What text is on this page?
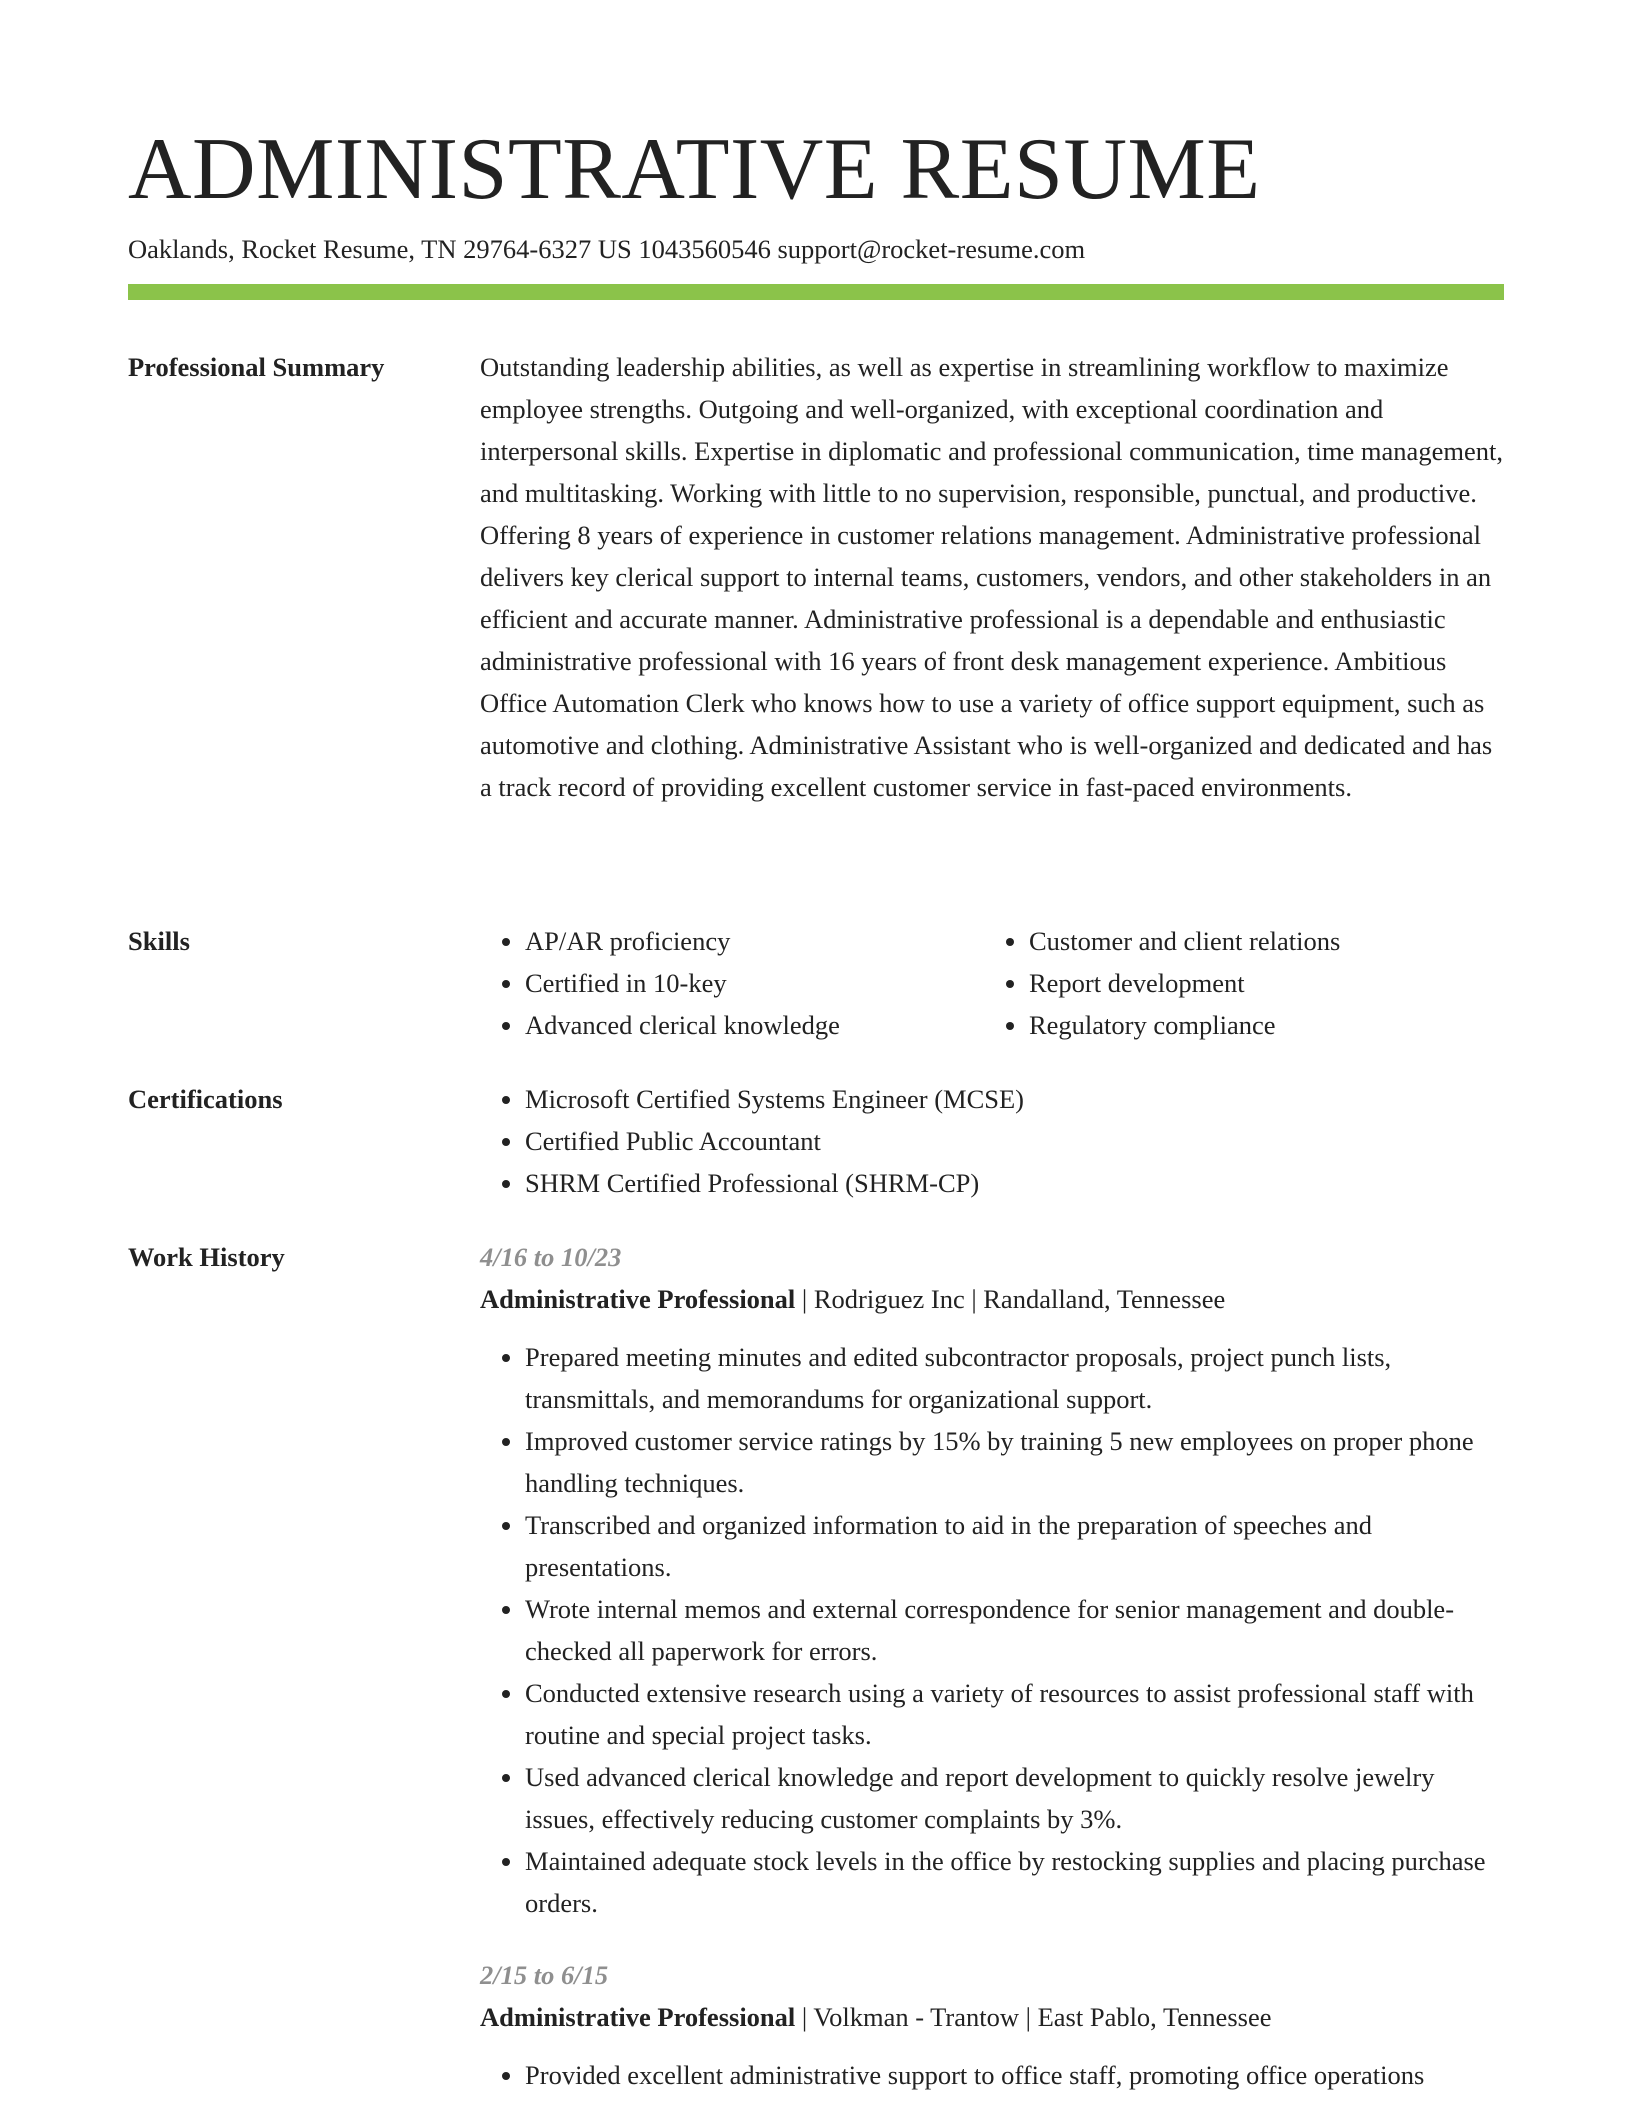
ADMINISTRATIVE RESUME
Oaklands, Rocket Resume, TN 29764-6327 US 1043560546 support@rocket-resume.com
Professional Summary	Outstanding leadership abilities, as well as expertise in streamlining workflow to maximize employee strengths. Outgoing and well-organized, with exceptional coordination and interpersonal skills. Expertise in diplomatic and professional communication, time management, and multitasking. Working with little to no supervision, responsible, punctual, and productive. Offering 8 years of experience in customer relations management. Administrative professional delivers key clerical support to internal teams, customers, vendors, and other stakeholders in an efficient and accurate manner. Administrative professional is a dependable and enthusiastic administrative professional with 16 years of front desk management experience. Ambitious Office Automation Clerk who knows how to use a variety of office support equipment, such as automotive and clothing. Administrative Assistant who is well-organized and dedicated and has a track record of providing excellent customer service in fast-paced environments.

Skills	• AP/AR proficiency
• Certified in 10-key
• Advanced clerical knowledge
• Customer and client relations
• Report development
• Regulatory compliance
Certifications	• Microsoft Certified Systems Engineer (MCSE)
• Certified Public Accountant
• SHRM Certified Professional (SHRM-CP)
Work History	4/16 to 10/23
Administrative Professional | Rodriguez Inc | Randalland, Tennessee
• Prepared meeting minutes and edited subcontractor proposals, project punch lists, transmittals, and memorandums for organizational support.
• Improved customer service ratings by 15% by training 5 new employees on proper phone handling techniques.
• Transcribed and organized information to aid in the preparation of speeches and presentations.
• Wrote internal memos and external correspondence for senior management and double-checked all paperwork for errors.
• Conducted extensive research using a variety of resources to assist professional staff with routine and special project tasks.
• Used advanced clerical knowledge and report development to quickly resolve jewelry issues, effectively reducing customer complaints by 3%.
• Maintained adequate stock levels in the office by restocking supplies and placing purchase orders.
2/15 to 6/15
Administrative Professional | Volkman - Trantow | East Pablo, Tennessee
• Provided excellent administrative support to office staff, promoting office operations
